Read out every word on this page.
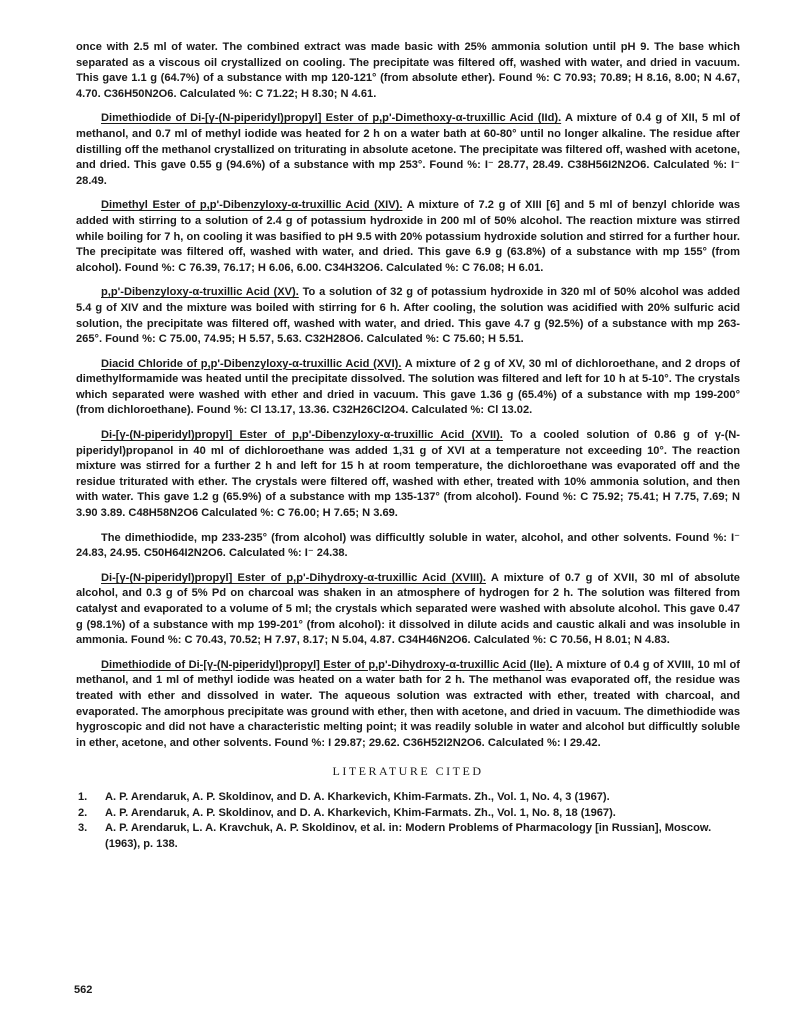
once with 2.5 ml of water. The combined extract was made basic with 25% ammonia solution until pH 9. The base which separated as a viscous oil crystallized on cooling. The precipitate was filtered off, washed with water, and dried in vacuum. This gave 1.1 g (64.7%) of a substance with mp 120-121° (from absolute ether). Found %: C 70.93; 70.89; H 8.16, 8.00; N 4.67, 4.70. C36H50N2O6. Calculated %: C 71.22; H 8.30; N 4.61.

Dimethiodide of Di-[γ-(N-piperidyl)propyl] Ester of p,p'-Dimethoxy-α-truxillic Acid (IId). A mixture of 0.4 g of XII, 5 ml of methanol, and 0.7 ml of methyl iodide was heated for 2 h on a water bath at 60-80° until no longer alkaline. The residue after distilling off the methanol crystallized on triturating in absolute acetone. The precipitate was filtered off, washed with acetone, and dried. This gave 0.55 g (94.6%) of a substance with mp 253°. Found %: I⁻ 28.77, 28.49. C38H56I2N2O6. Calculated %: I⁻ 28.49.

Dimethyl Ester of p,p'-Dibenzyloxy-α-truxillic Acid (XIV). A mixture of 7.2 g of XIII [6] and 5 ml of benzyl chloride was added with stirring to a solution of 2.4 g of potassium hydroxide in 200 ml of 50% alcohol. The reaction mixture was stirred while boiling for 7 h, on cooling it was basified to pH 9.5 with 20% potassium hydroxide solution and stirred for a further hour. The precipitate was filtered off, washed with water, and dried. This gave 6.9 g (63.8%) of a substance with mp 155° (from alcohol). Found %: C 76.39, 76.17; H 6.06, 6.00. C34H32O6. Calculated %: C 76.08; H 6.01.

p,p'-Dibenzyloxy-α-truxillic Acid (XV). To a solution of 32 g of potassium hydroxide in 320 ml of 50% alcohol was added 5.4 g of XIV and the mixture was boiled with stirring for 6 h. After cooling, the solution was acidified with 20% sulfuric acid solution, the precipitate was filtered off, washed with water, and dried. This gave 4.7 g (92.5%) of a substance with mp 263-265°. Found %: C 75.00, 74.95; H 5.57, 5.63. C32H28O6. Calculated %: C 75.60; H 5.51.

Diacid Chloride of p,p'-Dibenzyloxy-α-truxillic Acid (XVI). A mixture of 2 g of XV, 30 ml of dichloroethane, and 2 drops of dimethylformamide was heated until the precipitate dissolved. The solution was filtered and left for 10 h at 5-10°. The crystals which separated were washed with ether and dried in vacuum. This gave 1.36 g (65.4%) of a substance with mp 199-200° (from dichloroethane). Found %: Cl 13.17, 13.36. C32H26Cl2O4. Calculated %: Cl 13.02.

Di-[γ-(N-piperidyl)propyl] Ester of p,p'-Dibenzyloxy-α-truxillic Acid (XVII). To a cooled solution of 0.86 g of γ-(N-piperidyl)propanol in 40 ml of dichloroethane was added 1,31 g of XVI at a temperature not exceeding 10°. The reaction mixture was stirred for a further 2 h and left for 15 h at room temperature, the dichloroethane was evaporated off and the residue triturated with ether. The crystals were filtered off, washed with ether, treated with 10% ammonia solution, and then with water. This gave 1.2 g (65.9%) of a substance with mp 135-137° (from alcohol). Found %: C 75.92; 75.41; H 7.75, 7.69; N 3.90 3.89. C48H58N2O6 Calculated %: C 76.00; H 7.65; N 3.69.

The dimethiodide, mp 233-235° (from alcohol) was difficultly soluble in water, alcohol, and other solvents. Found %: I⁻ 24.83, 24.95. C50H64I2N2O6. Calculated %: I⁻ 24.38.

Di-[γ-(N-piperidyl)propyl] Ester of p,p'-Dihydroxy-α-truxillic Acid (XVIII). A mixture of 0.7 g of XVII, 30 ml of absolute alcohol, and 0.3 g of 5% Pd on charcoal was shaken in an atmosphere of hydrogen for 2 h. The solution was filtered from catalyst and evaporated to a volume of 5 ml; the crystals which separated were washed with absolute alcohol. This gave 0.47 g (98.1%) of a substance with mp 199-201° (from alcohol): it dissolved in dilute acids and caustic alkali and was insoluble in ammonia. Found %: C 70.43, 70.52; H 7.97, 8.17; N 5.04, 4.87. C34H46N2O6. Calculated %: C 70.56, H 8.01; N 4.83.

Dimethiodide of Di-[γ-(N-piperidyl)propyl] Ester of p,p'-Dihydroxy-α-truxillic Acid (IIe). A mixture of 0.4 g of XVIII, 10 ml of methanol, and 1 ml of methyl iodide was heated on a water bath for 2 h. The methanol was evaporated off, the residue was treated with ether and dissolved in water. The aqueous solution was extracted with ether, treated with charcoal, and evaporated. The amorphous precipitate was ground with ether, then with acetone, and dried in vacuum. The dimethiodide was hygroscopic and did not have a characteristic melting point; it was readily soluble in water and alcohol but difficultly soluble in ether, acetone, and other solvents. Found %: I 29.87; 29.62. C36H52I2N2O6. Calculated %: I 29.42.

LITERATURE CITED
1.	A. P. Arendaruk, A. P. Skoldinov, and D. A. Kharkevich, Khim-Farmats. Zh., Vol. 1, No. 4, 3 (1967).
2.	A. P. Arendaruk, A. P. Skoldinov, and D. A. Kharkevich, Khim-Farmats. Zh., Vol. 1, No. 8, 18 (1967).
3.	A. P. Arendaruk, L. A. Kravchuk, A. P. Skoldinov, et al. in: Modern Problems of Pharmacology [in Russian], Moscow. (1963), p. 138.
562
